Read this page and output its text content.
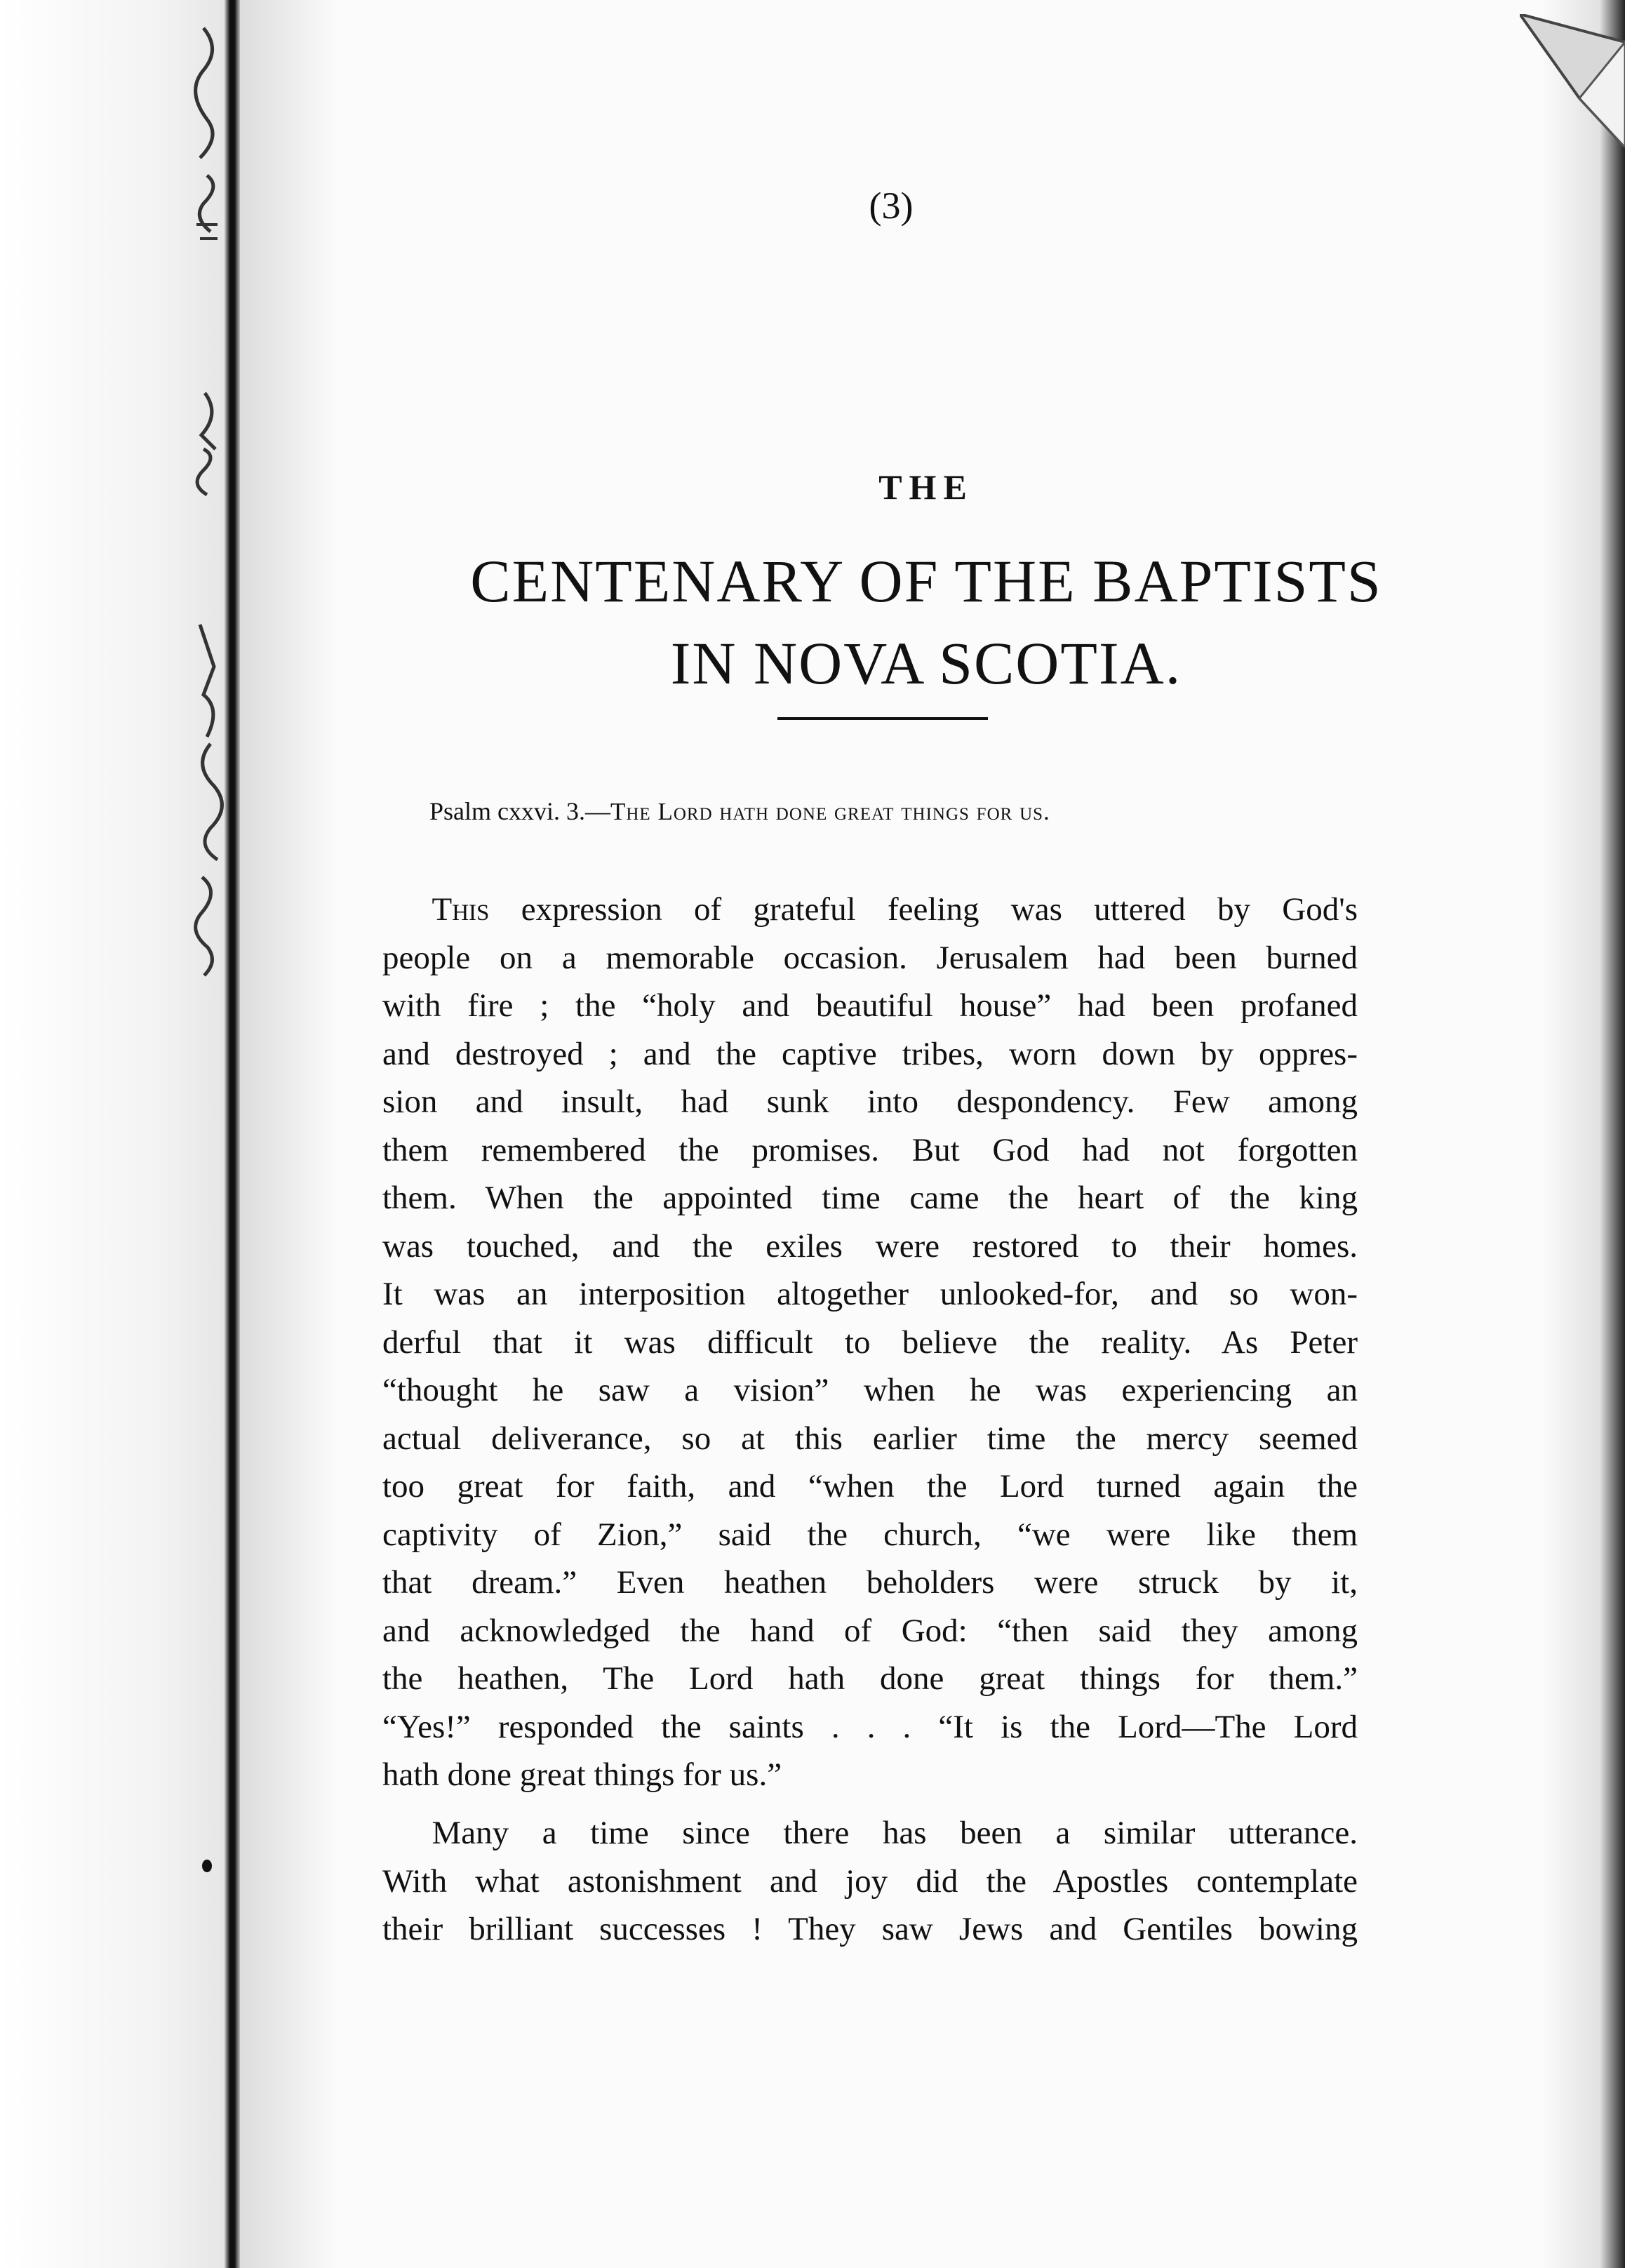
(3)
THE
CENTENARY OF THE BAPTISTS
IN NOVA SCOTIA.
Psalm cxxvi. 3.—The Lord hath done great things for us.
  This expression of grateful feeling was uttered by God's
people on a memorable occasion. Jerusalem had been burned
with fire ; the “holy and beautiful house” had been profaned
and destroyed ; and the captive tribes, worn down by oppres-
sion and insult, had sunk into despondency. Few among
them remembered the promises. But God had not forgotten
them. When the appointed time came the heart of the king
was touched, and the exiles were restored to their homes.
It was an interposition altogether unlooked-for, and so won-
derful that it was difficult to believe the reality. As Peter
“thought he saw a vision” when he was experiencing an
actual deliverance, so at this earlier time the mercy seemed
too great for faith, and “when the Lord turned again the
captivity of Zion,” said the church, “we were like them
that dream.” Even heathen beholders were struck by it,
and acknowledged the hand of God: “then said they among
the heathen, The Lord hath done great things for them.”
“Yes!” responded the saints . . . “It is the Lord—The Lord
hath done great things for us.”
  Many a time since there has been a similar utterance.
With what astonishment and joy did the Apostles contemplate
their brilliant successes ! They saw Jews and Gentiles bowing
